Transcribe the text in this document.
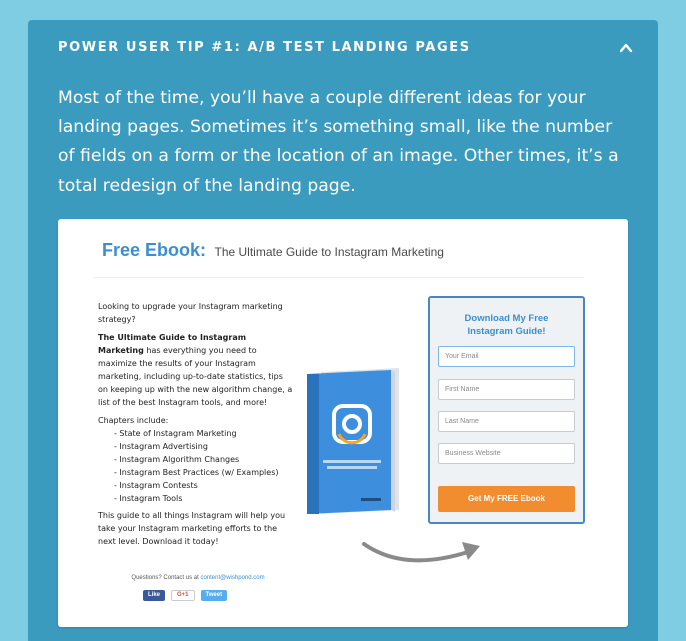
POWER USER TIP #1: A/B TEST LANDING PAGES
Most of the time, you’ll have a couple different ideas for your landing pages. Sometimes it’s something small, like the number of fields on a form or the location of an image. Other times, it’s a total redesign of the landing page.
Free Ebook: The Ultimate Guide to Instagram Marketing

Looking to upgrade your Instagram marketing strategy?

The Ultimate Guide to Instagram Marketing has everything you need to maximize the results of your Instagram marketing, including up-to-date statistics, tips on keeping up with the new algorithm change, a list of the best Instagram tools, and more!

Chapters include:
- State of Instagram Marketing
- Instagram Advertising
- Instagram Algorithm Changes
- Instagram Best Practices (w/ Examples)
- Instagram Contests
- Instagram Tools

This guide to all things Instagram will help you take your Instagram marketing efforts to the next level. Download it today!

Download My Free Instagram Guide!
Your Email
First Name
Last Name
Business Website
Get My FREE Ebook
Questions? Contact us at content@wishpond.com
Like	G+1	Tweet
